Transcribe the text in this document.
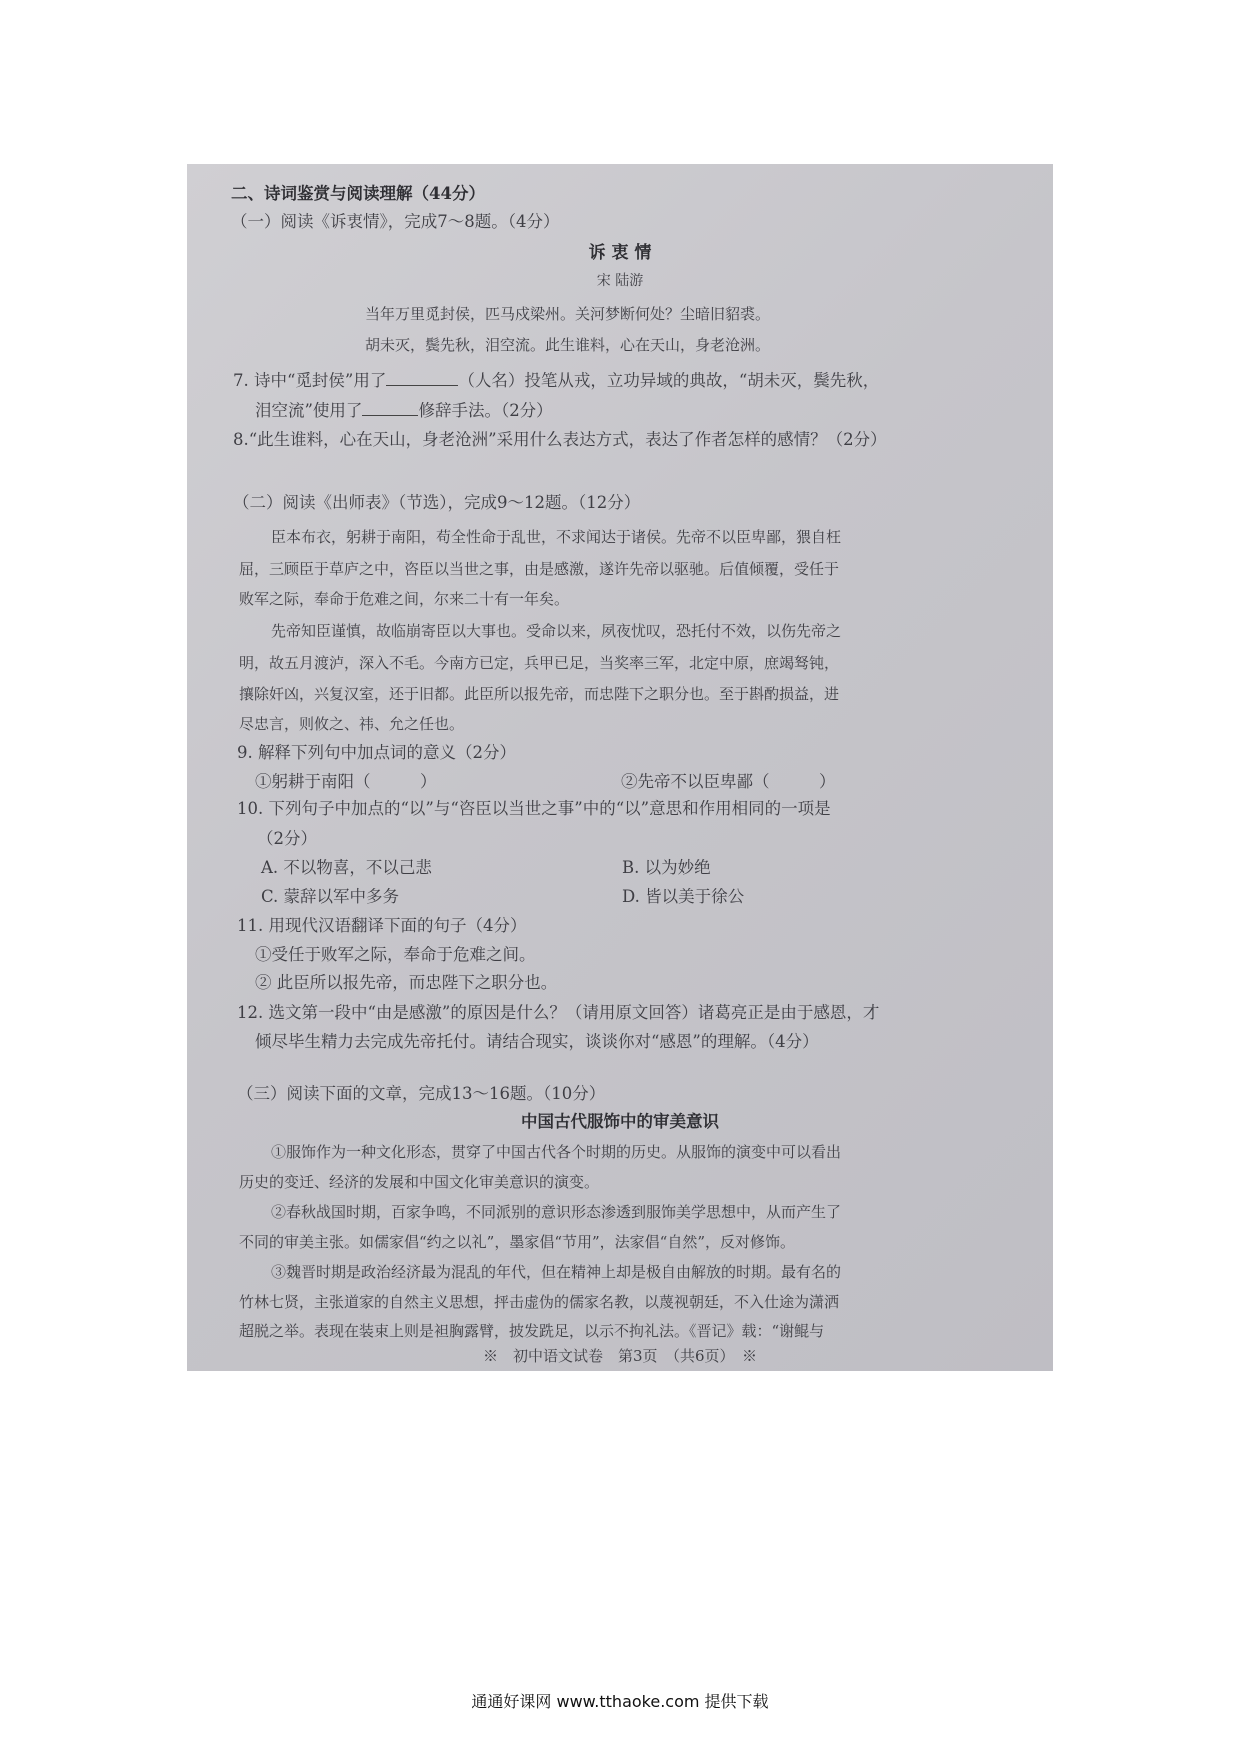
二、诗词鉴赏与阅读理解（44分）
（一）阅读《诉衷情》，完成7～8题。（4分）
诉 衷 情
宋 陆游
当年万里觅封侯，匹马戍梁州。关河梦断何处？尘暗旧貂裘。
胡未灭，鬓先秋，泪空流。此生谁料，心在天山，身老沧洲。
7. 诗中“觅封侯”用了	（人名）投笔从戎，立功异域的典故，“胡未灭，鬓先秋，
泪空流”使用了	修辞手法。（2分）
8.“此生谁料，心在天山，身老沧洲”采用什么表达方式，表达了作者怎样的感情？（2分）
（二）阅读《出师表》（节选），完成9～12题。（12分）
臣本布衣，躬耕于南阳，苟全性命于乱世，不求闻达于诸侯。先帝不以臣卑鄙，猥自枉
屈，三顾臣于草庐之中，咨臣以当世之事，由是感激，遂许先帝以驱驰。后值倾覆，受任于
败军之际，奉命于危难之间，尔来二十有一年矣。
先帝知臣谨慎，故临崩寄臣以大事也。受命以来，夙夜忧叹，恐托付不效，以伤先帝之
明，故五月渡泸，深入不毛。今南方已定，兵甲已足，当奖率三军，北定中原，庶竭驽钝，
攘除奸凶，兴复汉室，还于旧都。此臣所以报先帝，而忠陛下之职分也。至于斟酌损益，进
尽忠言，则攸之、祎、允之任也。
9. 解释下列句中加点词的意义（2分）
①躬耕于南阳（　　　）	②先帝不以臣卑鄙（　　　）
10. 下列句子中加点的“以”与“咨臣以当世之事”中的“以”意思和作用相同的一项是
（2分）
A. 不以物喜，不以己悲	B. 以为妙绝
C. 蒙辞以军中多务	D. 皆以美于徐公
11. 用现代汉语翻译下面的句子（4分）
①受任于败军之际，奉命于危难之间。
② 此臣所以报先帝，而忠陛下之职分也。
12. 选文第一段中“由是感激”的原因是什么？（请用原文回答）诸葛亮正是由于感恩，才
倾尽毕生精力去完成先帝托付。请结合现实，谈谈你对“感恩”的理解。（4分）
（三）阅读下面的文章，完成13～16题。（10分）
中国古代服饰中的审美意识
①服饰作为一种文化形态，贯穿了中国古代各个时期的历史。从服饰的演变中可以看出
历史的变迁、经济的发展和中国文化审美意识的演变。
②春秋战国时期，百家争鸣，不同派别的意识形态渗透到服饰美学思想中，从而产生了
不同的审美主张。如儒家倡“约之以礼”，墨家倡“节用”，法家倡“自然”，反对修饰。
③魏晋时期是政治经济最为混乱的年代，但在精神上却是极自由解放的时期。最有名的
竹林七贤，主张道家的自然主义思想，抨击虚伪的儒家名教，以蔑视朝廷，不入仕途为潇洒
超脱之举。表现在装束上则是袒胸露臂，披发跣足，以示不拘礼法。《晋记》载：“谢鲲与
※　初中语文试卷　第3页　（共6页）　※
通通好课网 www.tthaoke.com 提供下载
